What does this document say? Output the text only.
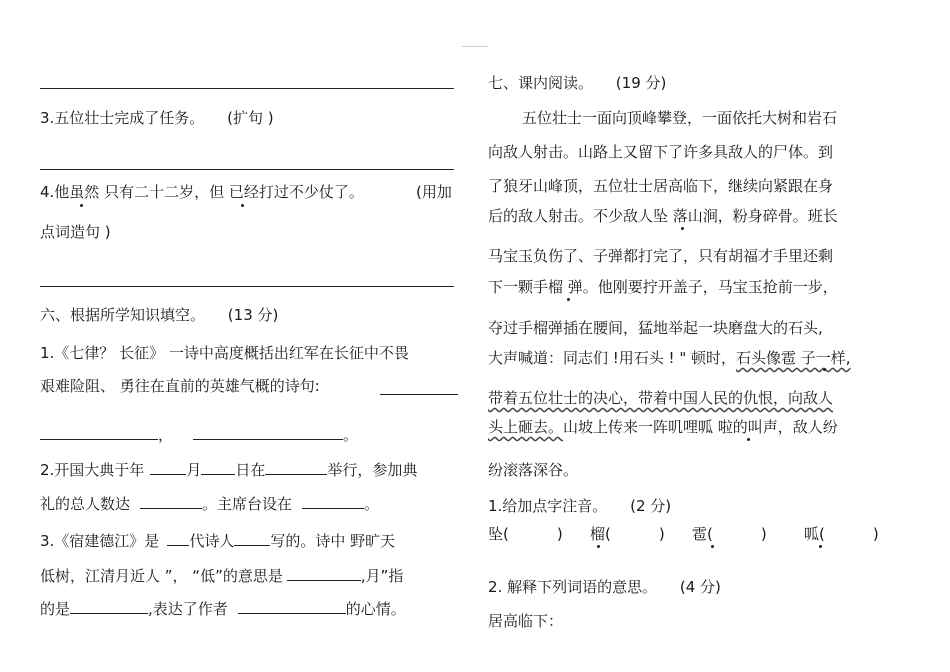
3.五位壮士完成了任务。 (扩句 )
4.他虽然 只有二十二岁，但 已经打过不少仗了。	(用加
点词造句 )
六、根据所学知识填空。 (13 分)
1.《七律？ 长征》 一诗中高度概括出红军在长征中不畏
艰难险阻、 勇往在直前的英雄气概的诗句:
，	。
2.开国大典于年	月 日在	举行，参加典
礼的总人数达	。主席台设在	。
3.《宿建德江》是 代诗人 写的。诗中 野旷天
低树，江清月近人 ”， “低”的意思是	,月”指
的是	,表达了作者	的心情。
七、课内阅读。 (19 分)
五位壮士一面向顶峰攀登，一面依托大树和岩石
向敌人射击。山路上又留下了许多具敌人的尸体。到
了狼牙山峰顶，五位壮士居高临下，继续向紧跟在身
后的敌人射击。不少敌人坠 落山涧，粉身碎骨。班长
马宝玉负伤了、子弹都打完了，只有胡福才手里还剩
下一颗手榴 弹。他刚要拧开盖子，马宝玉抢前一步，
夺过手榴弹插在腰间，猛地举起一块磨盘大的石头,
大声喊道：同志们 !用石头 ! " 顿时，石头像雹 子一样,
带着五位壮士的决心，带着中国人民的仇恨，向敌人
头上砸去。山坡上传来一阵叽哩呱 啦的叫声，敌人纷
纷滚落深谷。
1.给加点字注音。 (2 分)
坠(	) 榴(	) 雹(	) 呱(	)
2. 解释下列词语的意思。 (4 分)
居高临下：
